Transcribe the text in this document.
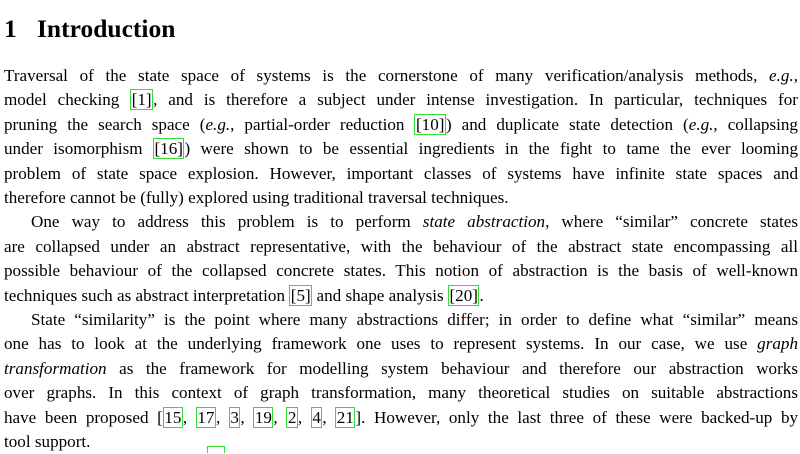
1 Introduction
Traversal of the state space of systems is the cornerstone of many verification/analysis methods, e.g.,
model checking [1], and is therefore a subject under intense investigation. In particular, techniques for
pruning the search space (e.g., partial-order reduction [10]) and duplicate state detection (e.g., collapsing
under isomorphism [16]) were shown to be essential ingredients in the fight to tame the ever looming
problem of state space explosion. However, important classes of systems have infinite state spaces and
therefore cannot be (fully) explored using traditional traversal techniques.
One way to address this problem is to perform state abstraction, where “similar” concrete states
are collapsed under an abstract representative, with the behaviour of the abstract state encompassing all
possible behaviour of the collapsed concrete states. This notion of abstraction is the basis of well-known
techniques such as abstract interpretation [5] and shape analysis [20].
State “similarity” is the point where many abstractions differ; in order to define what “similar” means
one has to look at the underlying framework one uses to represent systems. In our case, we use graph
transformation as the framework for modelling system behaviour and therefore our abstraction works
over graphs. In this context of graph transformation, many theoretical studies on suitable abstractions
have been proposed [15, 17, 3, 19, 2, 4, 21]. However, only the last three of these were backed-up by
tool support.
